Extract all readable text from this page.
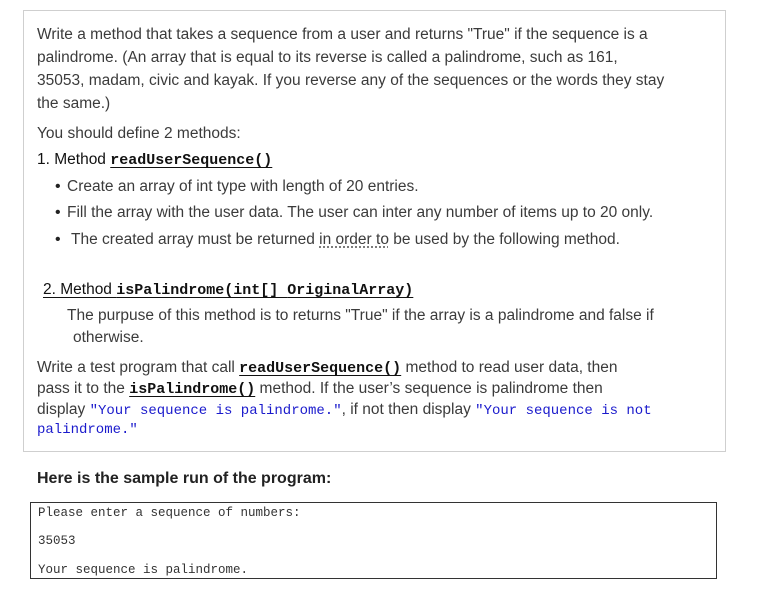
Write a method that takes a sequence from a user and returns "True" if the sequence is a

palindrome. (An array that is equal to its reverse is called a palindrome, such as 161,

35053, madam, civic and kayak. If you reverse any of the sequences or the words they stay

the same.)

You should define 2 methods:

1. Method readUserSequence()

• Create an array of int type with length of 20 entries.

• Fill the array with the user data. The user can inter any number of items up to 20 only.

• The created array must be returned in order to be used by the following method.

2. Method isPalindrome(int[] OriginalArray)

The purpuse of this method is to returns "True" if the array is a palindrome and false if

otherwise.

Write a test program that call readUserSequence() method to read user data, then

pass it to the isPalindrome() method. If the user’s sequence is palindrome then

display "Your sequence is palindrome.", if not then display "Your sequence is not

palindrome."

Here is the sample run of the program:

Please enter a sequence of numbers:
35053
Your sequence is palindrome.
